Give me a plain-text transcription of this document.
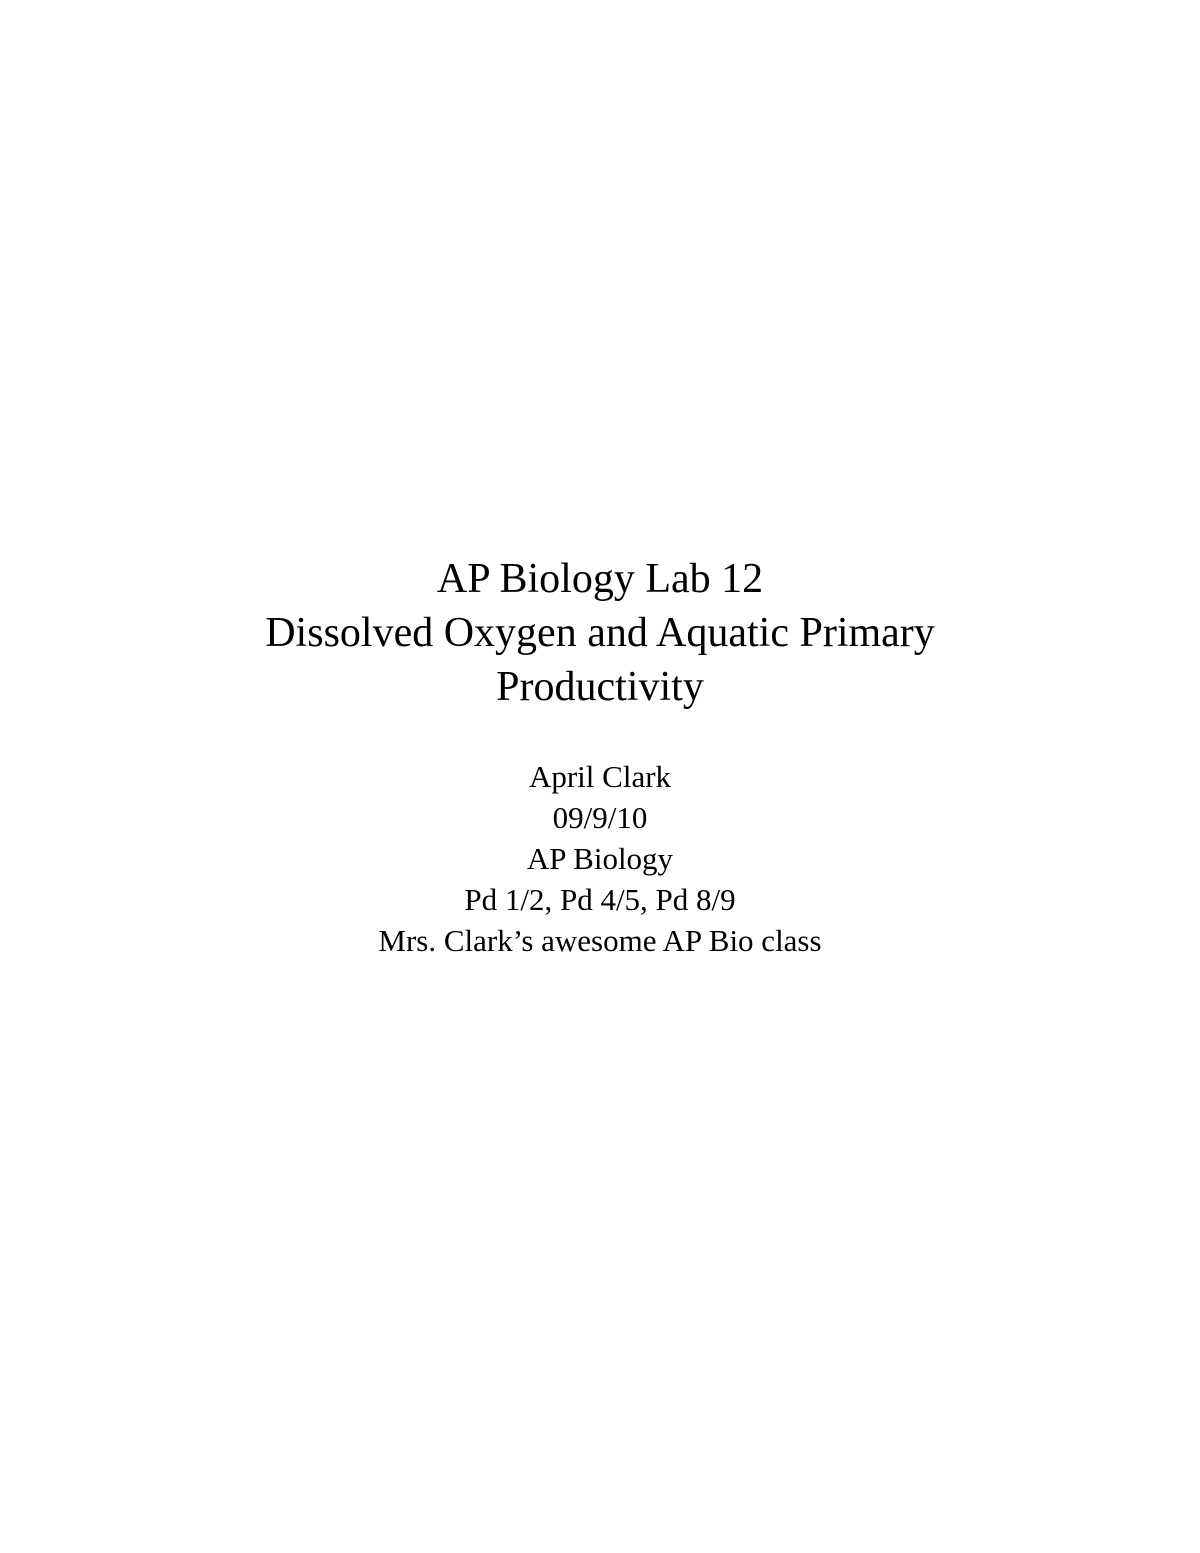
AP Biology Lab 12
Dissolved Oxygen and Aquatic Primary
Productivity
April Clark
09/9/10
AP Biology
Pd 1/2, Pd 4/5, Pd 8/9
Mrs. Clark’s awesome AP Bio class
